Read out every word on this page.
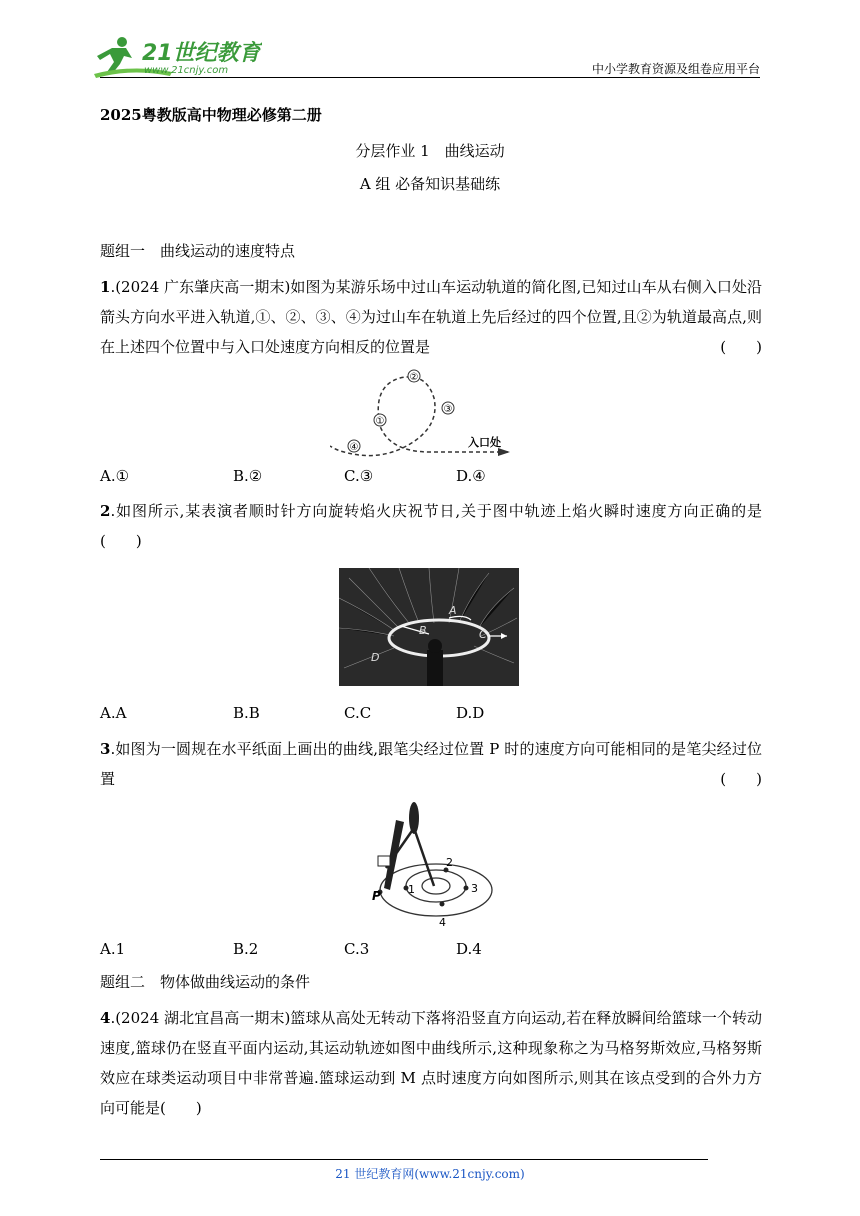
21世纪教育
www.21cnjy.com	中小学教育资源及组卷应用平台
2025粤教版高中物理必修第二册
分层作业 1　曲线运动
A 组 必备知识基础练
题组一　曲线运动的速度特点
1.(2024 广东肇庆高一期末)如图为某游乐场中过山车运动轨道的简化图,已知过山车从右侧入口处沿箭头方向水平进入轨道,①、②、③、④为过山车在轨道上先后经过的四个位置,且②为轨道最高点,则在上述四个位置中与入口处速度方向相反的位置是	(　　)
①
②
③
④	入口处
A.①	B.②	C.③	D.④
2.如图所示,某表演者顺时针方向旋转焰火庆祝节日,关于图中轨迹上焰火瞬时速度方向正确的是(　　)
A
B	C
D
A.A	B.B	C.C	D.D
3.如图为一圆规在水平纸面上画出的曲线,跟笔尖经过位置 P 时的速度方向可能相同的是笔尖经过位置	(　　)
P 1
2
3
4
A.1	B.2	C.3	D.4
题组二　物体做曲线运动的条件
4.(2024 湖北宜昌高一期末)篮球从高处无转动下落将沿竖直方向运动,若在释放瞬间给篮球一个转动速度,篮球仍在竖直平面内运动,其运动轨迹如图中曲线所示,这种现象称之为马格努斯效应,马格努斯效应在球类运动项目中非常普遍.篮球运动到 M 点时速度方向如图所示,则其在该点受到的合外力方向可能是(　　)
21 世纪教育网(www.21cnjy.com)
